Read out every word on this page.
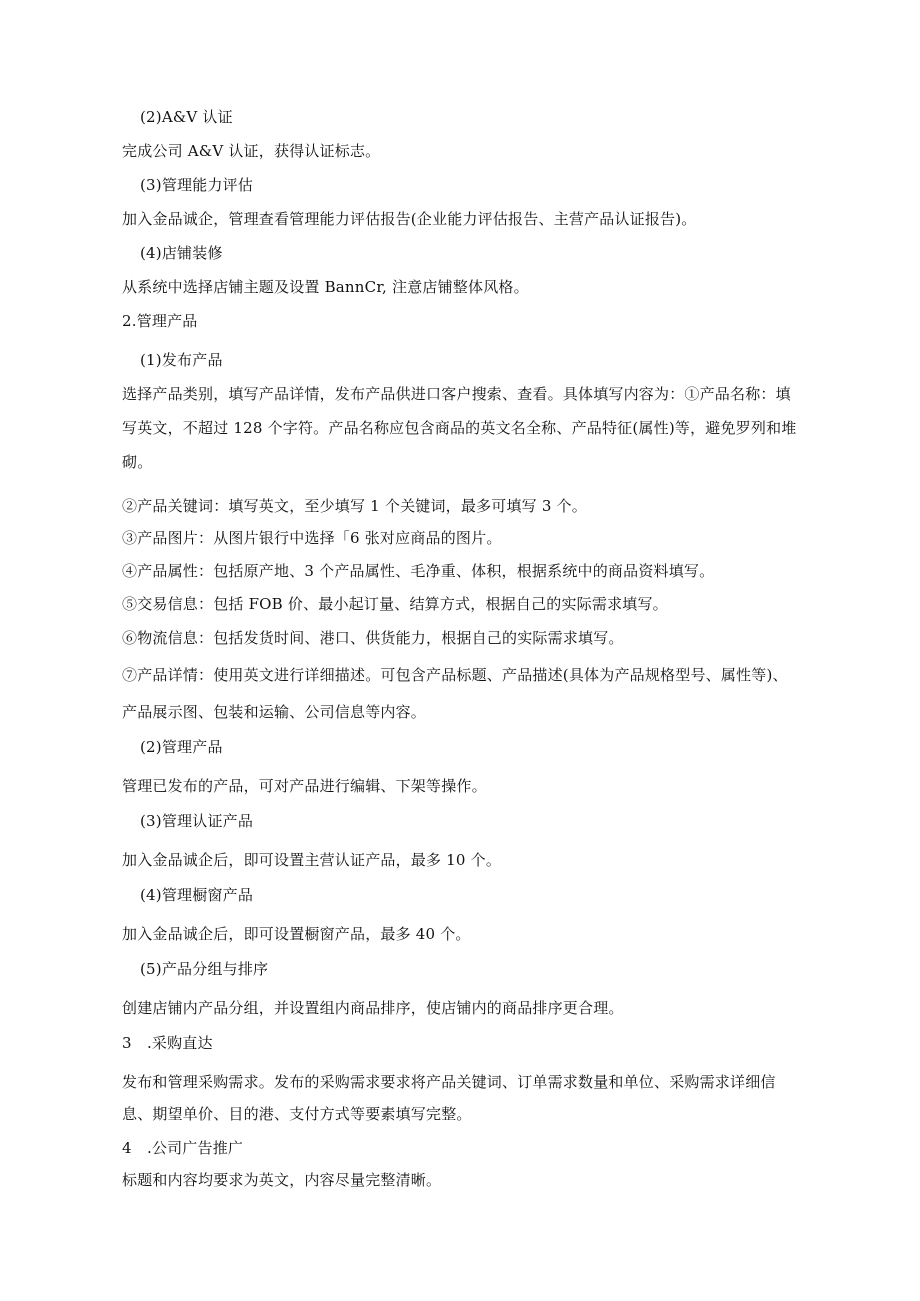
(2)A&V 认证
完成公司 A&V 认证，获得认证标志。
(3)管理能力评估
加入金品诚企，管理查看管理能力评估报告(企业能力评估报告、主营产品认证报告)。
(4)店铺装修
从系统中选择店铺主题及设置 BannCr, 注意店铺整体风格。
2.管理产品
(1)发布产品
选择产品类别，填写产品详情，发布产品供进口客户搜索、查看。具体填写内容为：①产品名称：填
写英文，不超过 128 个字符。产品名称应包含商品的英文名全称、产品特征(属性)等，避免罗列和堆
砌。
②产品关键词：填写英文，至少填写 1 个关键词，最多可填写 3 个。
③产品图片：从图片银行中选择「6 张对应商品的图片。
④产品属性：包括原产地、3 个产品属性、毛净重、体积，根据系统中的商品资料填写。
⑤交易信息：包括 FOB 价、最小起订量、结算方式，根据自己的实际需求填写。
⑥物流信息：包括发货时间、港口、供货能力，根据自己的实际需求填写。
⑦产品详情：使用英文进行详细描述。可包含产品标题、产品描述(具体为产品规格型号、属性等)、
产品展示图、包装和运输、公司信息等内容。
(2)管理产品
管理已发布的产品，可对产品进行编辑、下架等操作。
(3)管理认证产品
加入金品诚企后，即可设置主营认证产品，最多 10 个。
(4)管理橱窗产品
加入金品诚企后，即可设置橱窗产品，最多 40 个。
(5)产品分组与排序
创建店铺内产品分组，并设置组内商品排序，使店铺内的商品排序更合理。
3　.采购直达
发布和管理采购需求。发布的采购需求要求将产品关键词、订单需求数量和单位、采购需求详细信
息、期望单价、目的港、支付方式等要素填写完整。
4　.公司广告推广
标题和内容均要求为英文，内容尽量完整清晰。
